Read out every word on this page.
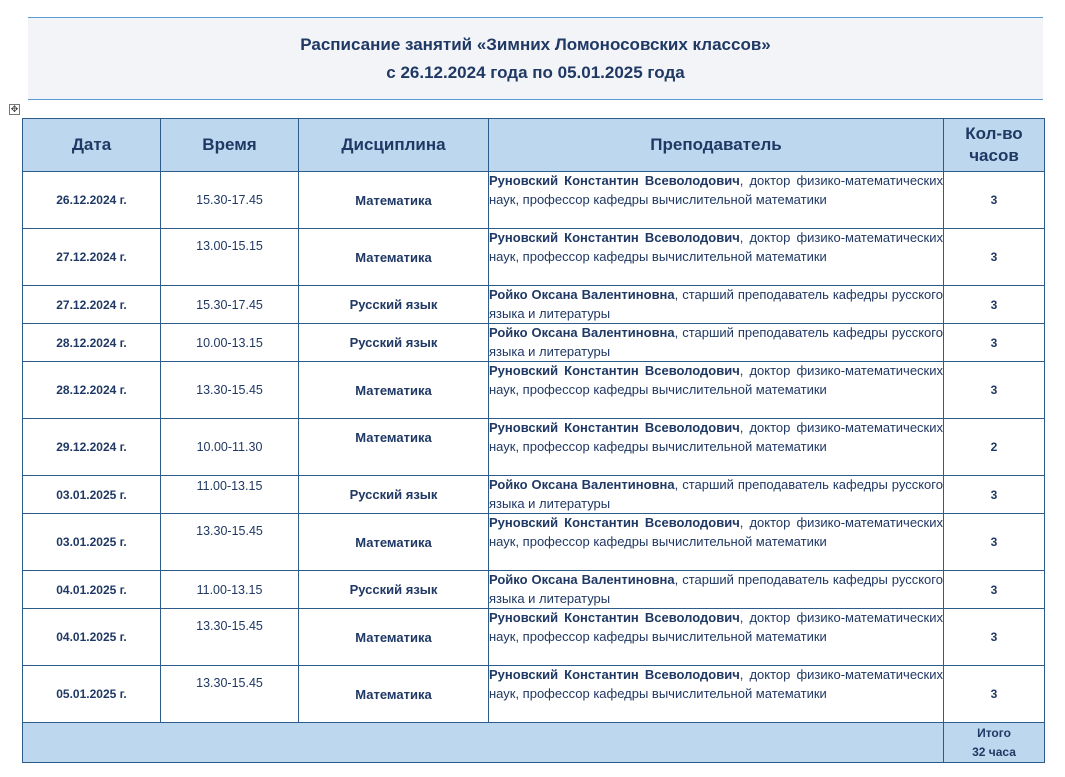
Расписание занятий «Зимних Ломоносовских классов»
с 26.12.2024 года по 05.01.2025 года
✥
Дата	Время	Дисциплина	Преподаватель	Кол-во
часов

26.12.2024 г.	15.30-17.45	Математика	Руновский Константин Всеволодович, доктор физико-математических наук, профессор кафедры вычислительной математики	3
27.12.2024 г.	13.00-15.15	Математика	Руновский Константин Всеволодович, доктор физико-математических наук, профессор кафедры вычислительной математики	3
27.12.2024 г.	15.30-17.45	Русский язык	Ройко Оксана Валентиновна, старший преподаватель кафедры русского языка и литературы	3
28.12.2024 г.	10.00-13.15	Русский язык	Ройко Оксана Валентиновна, старший преподаватель кафедры русского языка и литературы	3
28.12.2024 г.	13.30-15.45	Математика	Руновский Константин Всеволодович, доктор физико-математических наук, профессор кафедры вычислительной математики	3
29.12.2024 г.	10.00-11.30	Математика	Руновский Константин Всеволодович, доктор физико-математических наук, профессор кафедры вычислительной математики	2
03.01.2025 г.	11.00-13.15	Русский язык	Ройко Оксана Валентиновна, старший преподаватель кафедры русского языка и литературы	3
03.01.2025 г.	13.30-15.45	Математика	Руновский Константин Всеволодович, доктор физико-математических наук, профессор кафедры вычислительной математики	3
04.01.2025 г.	11.00-13.15	Русский язык	Ройко Оксана Валентиновна, старший преподаватель кафедры русского языка и литературы	3
04.01.2025 г.	13.30-15.45	Математика	Руновский Константин Всеволодович, доктор физико-математических наук, профессор кафедры вычислительной математики	3
05.01.2025 г.	13.30-15.45	Математика	Руновский Константин Всеволодович, доктор физико-математических наук, профессор кафедры вычислительной математики	3

				Итого
32 часа
